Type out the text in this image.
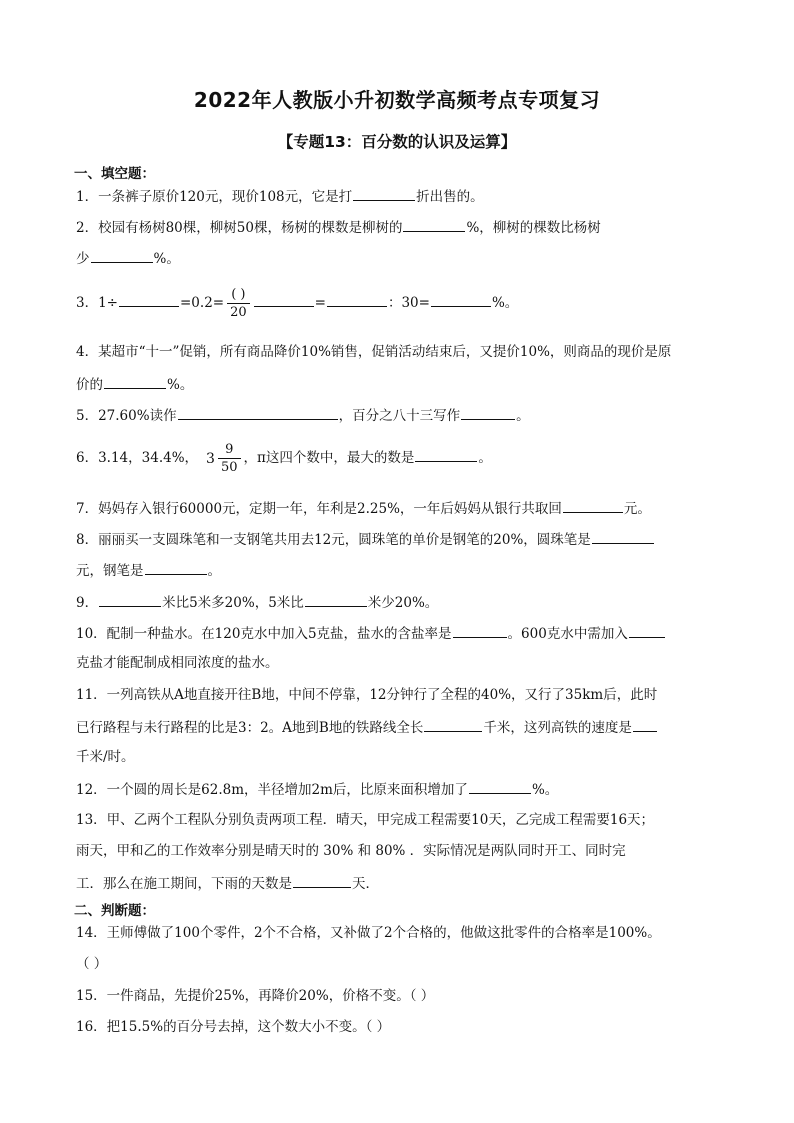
2022年人教版小升初数学高频考点专项复习
【专题13：百分数的认识及运算】
一、填空题：
1．一条裤子原价120元，现价108元，它是打	折出售的。
2．校园有杨树80棵，柳树50棵，杨树的棵数是柳树的	%，柳树的棵数比杨树
少	%。
3．1÷	$=0.2= \frac{( )}{20}$	=	：30=	%。
4．某超市“十一”促销，所有商品降价10%销售，促销活动结束后，又提价10%，则商品的现价是原
价的	%。
5．27.60%读作	，百分之八十三写作	。
6．3.14，34.4%， $3 \frac{9}{50}$ ，π这四个数中，最大的数是	。
7．妈妈存入银行60000元，定期一年，年利是2.25%，一年后妈妈从银行共取回	元。
8．丽丽买一支圆珠笔和一支钢笔共用去12元，圆珠笔的单价是钢笔的20%，圆珠笔是
元，钢笔是	。
9．	米比5米多20%，5米比	米少20%。
10．配制一种盐水。在120克水中加入5克盐，盐水的含盐率是	。600克水中需加入
克盐才能配制成相同浓度的盐水。
11．一列高铁从A地直接开往B地，中间不停靠，12分钟行了全程的40%，又行了35km后，此时
已行路程与未行路程的比是3：2。A地到B地的铁路线全长	千米，这列高铁的速度是
千米/时。
12．一个圆的周长是62.8m，半径增加2m后，比原来面积增加了	%。
13．甲、乙两个工程队分别负责两项工程．晴天，甲完成工程需要10天，乙完成工程需要16天；
雨天，甲和乙的工作效率分别是晴天时的 30% 和 80% ．实际情况是两队同时开工、同时完
工．那么在施工期间，下雨的天数是	天．
二、判断题：
14．王师傅做了100个零件，2个不合格，又补做了2个合格的，他做这批零件的合格率是100%。
（ ）
15．一件商品，先提价25%，再降价20%，价格不变。（ ）
16．把15.5%的百分号去掉，这个数大小不变。（ ）
